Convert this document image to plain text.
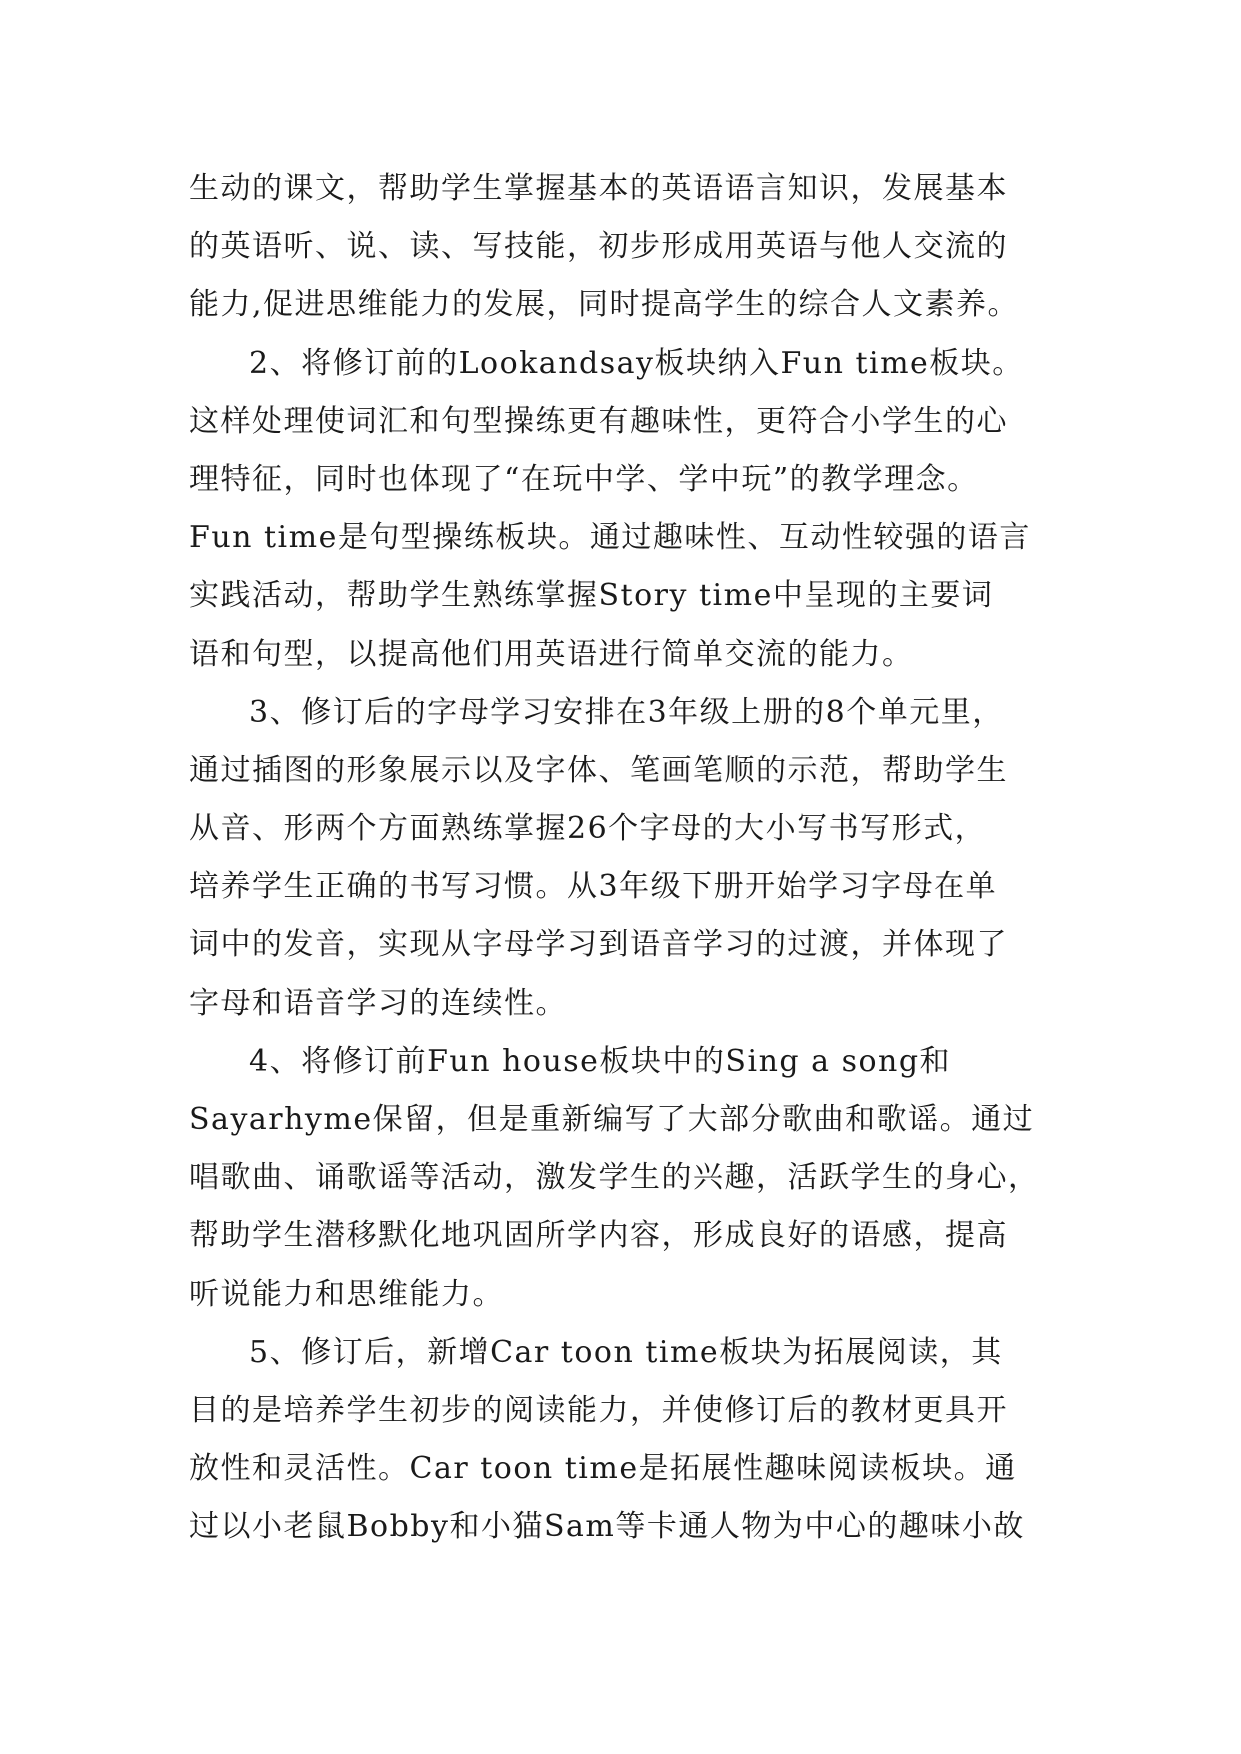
生动的课文，帮助学生掌握基本的英语语言知识，发展基本
的英语听、说、读、写技能，初步形成用英语与他人交流的
能力,促进思维能力的发展，同时提高学生的综合人文素养。
2、将修订前的Lookandsay板块纳入Fun time板块。
这样处理使词汇和句型操练更有趣味性，更符合小学生的心
理特征，同时也体现了“在玩中学、学中玩”的教学理念。
Fun time是句型操练板块。通过趣味性、互动性较强的语言
实践活动，帮助学生熟练掌握Story time中呈现的主要词
语和句型，以提高他们用英语进行简单交流的能力。
3、修订后的字母学习安排在3年级上册的8个单元里，
通过插图的形象展示以及字体、笔画笔顺的示范，帮助学生
从音、形两个方面熟练掌握26个字母的大小写书写形式，
培养学生正确的书写习惯。从3年级下册开始学习字母在单
词中的发音，实现从字母学习到语音学习的过渡，并体现了
字母和语音学习的连续性。
4、将修订前Fun house板块中的Sing a song和
Sayarhyme保留，但是重新编写了大部分歌曲和歌谣。通过
唱歌曲、诵歌谣等活动，激发学生的兴趣，活跃学生的身心，
帮助学生潜移默化地巩固所学内容，形成良好的语感，提高
听说能力和思维能力。
5、修订后，新增Car toon time板块为拓展阅读，其
目的是培养学生初步的阅读能力，并使修订后的教材更具开
放性和灵活性。Car toon time是拓展性趣味阅读板块。通
过以小老鼠Bobby和小猫Sam等卡通人物为中心的趣味小故
